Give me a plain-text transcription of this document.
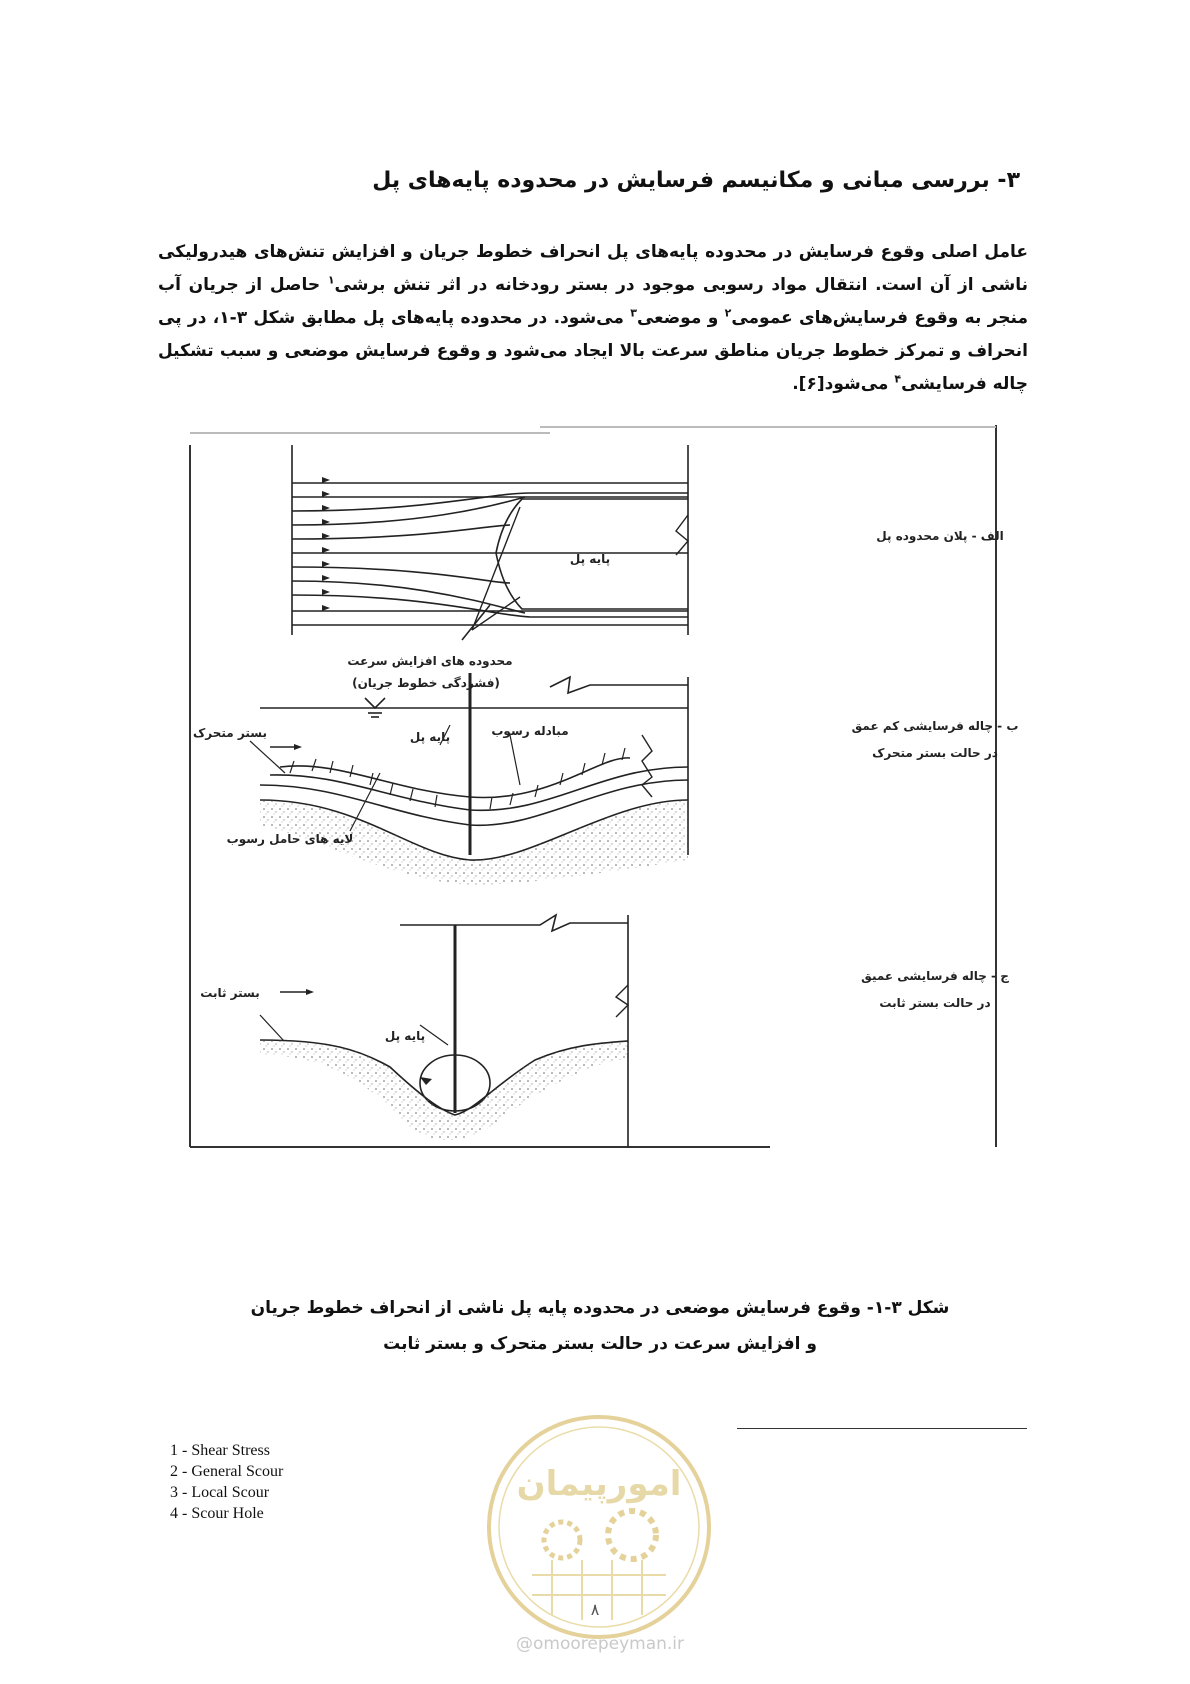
۳- بررسی مبانی و مکانیسم فرسایش در محدوده پایه‌های پل
عامل اصلی وقوع فرسایش در محدوده پایه‌های پل انحراف خطوط جریان و افزایش تنش‌های هیدرولیکی ناشی از آن است. انتقال مواد رسوبی موجود در بستر رودخانه در اثر تنش برشی$^۱$ حاصل از جریان آب منجر به وقوع فرسایش‌های عمومی$^۲$ و موضعی$^۳$ می‌شود. در محدوده پایه‌های پل مطابق شکل ۳-۱، در پی انحراف و تمرکز خطوط جریان مناطق سرعت بالا ایجاد می‌شود و وقوع فرسایش موضعی و سبب تشکیل چاله فرسایشی$^۴$ می‌شود[۶].
پایه پل
محدوده های افزایش سرعت
(فشردگی خطوط جریان)
الف - پلان محدوده پل
بستر متحرک	پایه پل	مبادله رسوب
لایه های حامل رسوب
ب - چاله فرسایشی کم عمق
در حالت بستر متحرک
بستر ثابت
پایه پل
ج - چاله فرسایشی عمیق
در حالت بستر ثابت
شکل ۳-۱- وقوع فرسایش موضعی در محدوده پایه پل ناشی از انحراف خطوط جریان
و افزایش سرعت در حالت بستر متحرک و بستر ثابت
1 - Shear Stress
2 - General Scour
3 - Local Scour
4 - Scour Hole
امورپیمان
۸
@omoorepeyman.ir
